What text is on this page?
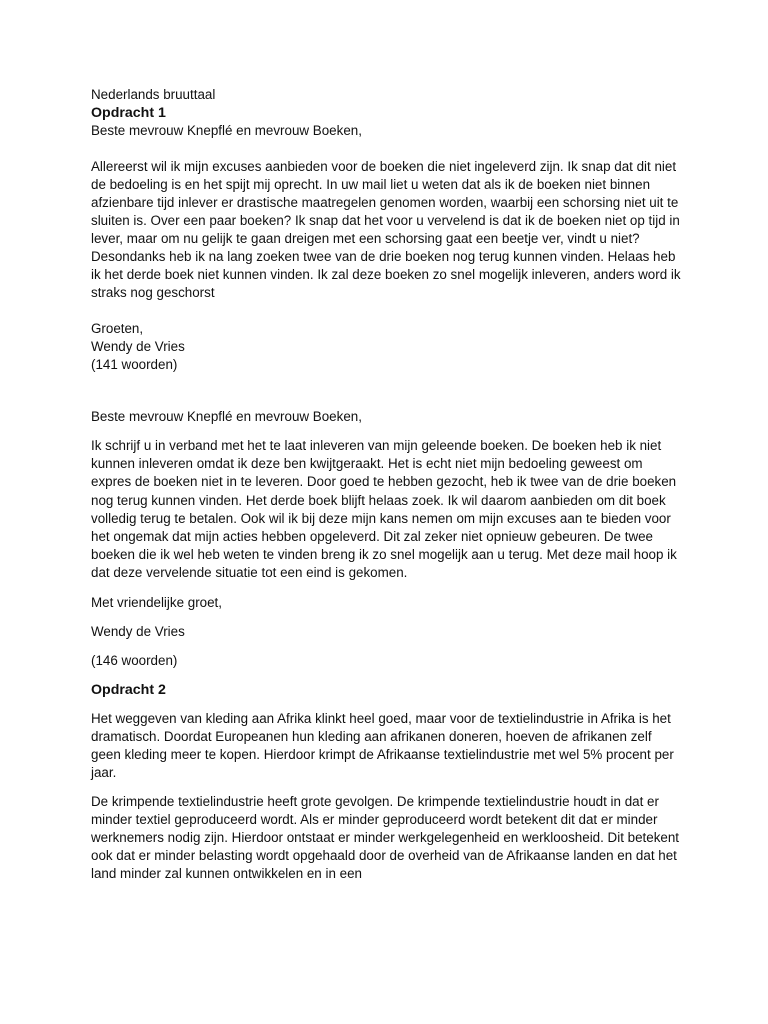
Nederlands bruuttaal
Opdracht 1
Beste mevrouw Knepflé en mevrouw Boeken,

Allereerst wil ik mijn excuses aanbieden voor de boeken die niet ingeleverd zijn. Ik snap dat dit niet de bedoeling is en het spijt mij oprecht. In uw mail liet u weten dat als ik de boeken niet binnen afzienbare tijd inlever er drastische maatregelen genomen worden, waarbij een schorsing niet uit te sluiten is. Over een paar boeken? Ik snap dat het voor u vervelend is dat ik de boeken niet op tijd in lever, maar om nu gelijk te gaan dreigen met een schorsing gaat een beetje ver, vindt u niet? Desondanks heb ik na lang zoeken twee van de drie boeken nog terug kunnen vinden. Helaas heb ik het derde boek niet kunnen vinden. Ik zal deze boeken zo snel mogelijk inleveren, anders word ik straks nog geschorst

Groeten,
Wendy de Vries
(141 woorden)
Beste mevrouw Knepflé en mevrouw Boeken,

Ik schrijf u in verband met het te laat inleveren van mijn geleende boeken. De boeken heb ik niet kunnen inleveren omdat ik deze ben kwijtgeraakt. Het is echt niet mijn bedoeling geweest om expres de boeken niet in te leveren. Door goed te hebben gezocht, heb ik twee van de drie boeken nog terug kunnen vinden. Het derde boek blijft helaas zoek. Ik wil daarom aanbieden om dit boek volledig terug te betalen. Ook wil ik bij deze mijn kans nemen om mijn excuses aan te bieden voor het ongemak dat mijn acties hebben opgeleverd. Dit zal zeker niet opnieuw gebeuren. De twee boeken die ik wel heb weten te vinden breng ik zo snel mogelijk aan u terug. Met deze mail hoop ik dat deze vervelende situatie tot een eind is gekomen.

Met vriendelijke groet,
Wendy de Vries
(146 woorden)
Opdracht 2

Het weggeven van kleding aan Afrika klinkt heel goed, maar voor de textielindustrie in Afrika is het dramatisch. Doordat Europeanen hun kleding aan afrikanen doneren, hoeven de afrikanen zelf geen kleding meer te kopen. Hierdoor krimpt de Afrikaanse textielindustrie met wel 5% procent per jaar.

De krimpende textielindustrie heeft grote gevolgen. De krimpende textielindustrie houdt in dat er minder textiel geproduceerd wordt. Als er minder geproduceerd wordt betekent dit dat er minder werknemers nodig zijn. Hierdoor ontstaat er minder werkgelegenheid en werkloosheid. Dit betekent ook dat er minder belasting wordt opgehaald door de overheid van de Afrikaanse landen en dat het land minder zal kunnen ontwikkelen en in een
